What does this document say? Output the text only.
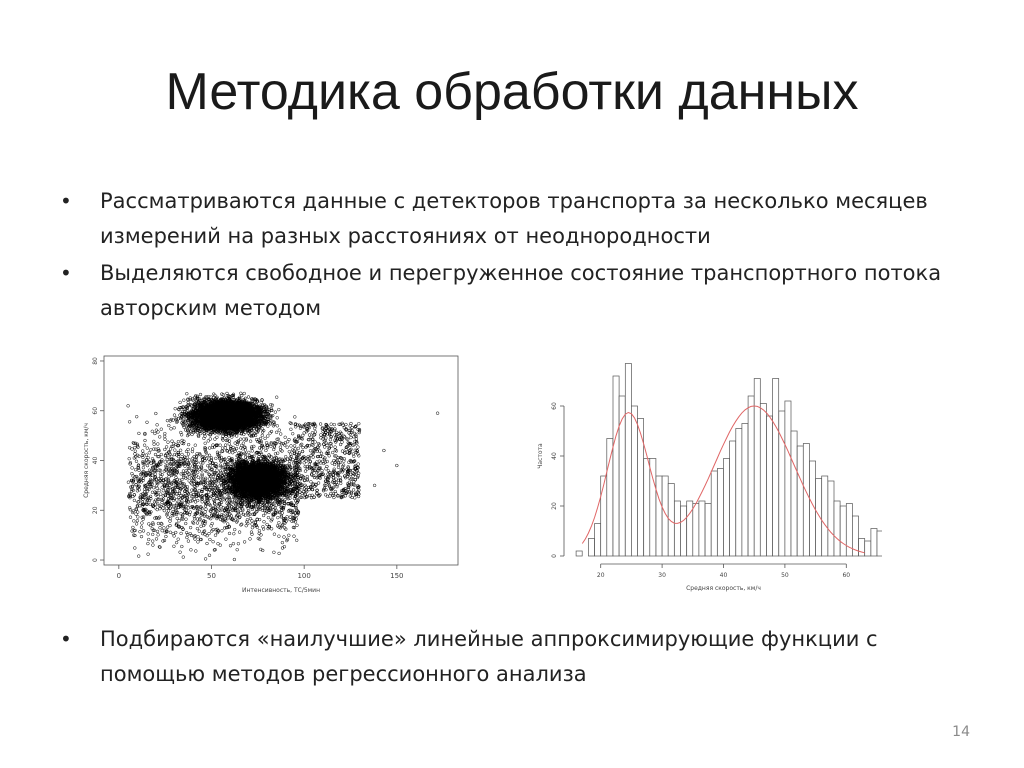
Методика обработки данных
• Рассматриваются данные с детекторов транспорта за несколько месяцев измерений на разных расстояниях от неоднородности
• Выделяются свободное и перегруженное состояние транспортного потока авторским методом
0	50	100	150
0
20
40
60
80
Интенсивность, ТС/5мин
Средняя скорость, км/ч
0
20
40
60
20	30	40	50	60
Средняя скорость, км/ч
Частота
• Подбираются «наилучшие» линейные аппроксимирующие функции с помощью методов регрессионного анализа
14
